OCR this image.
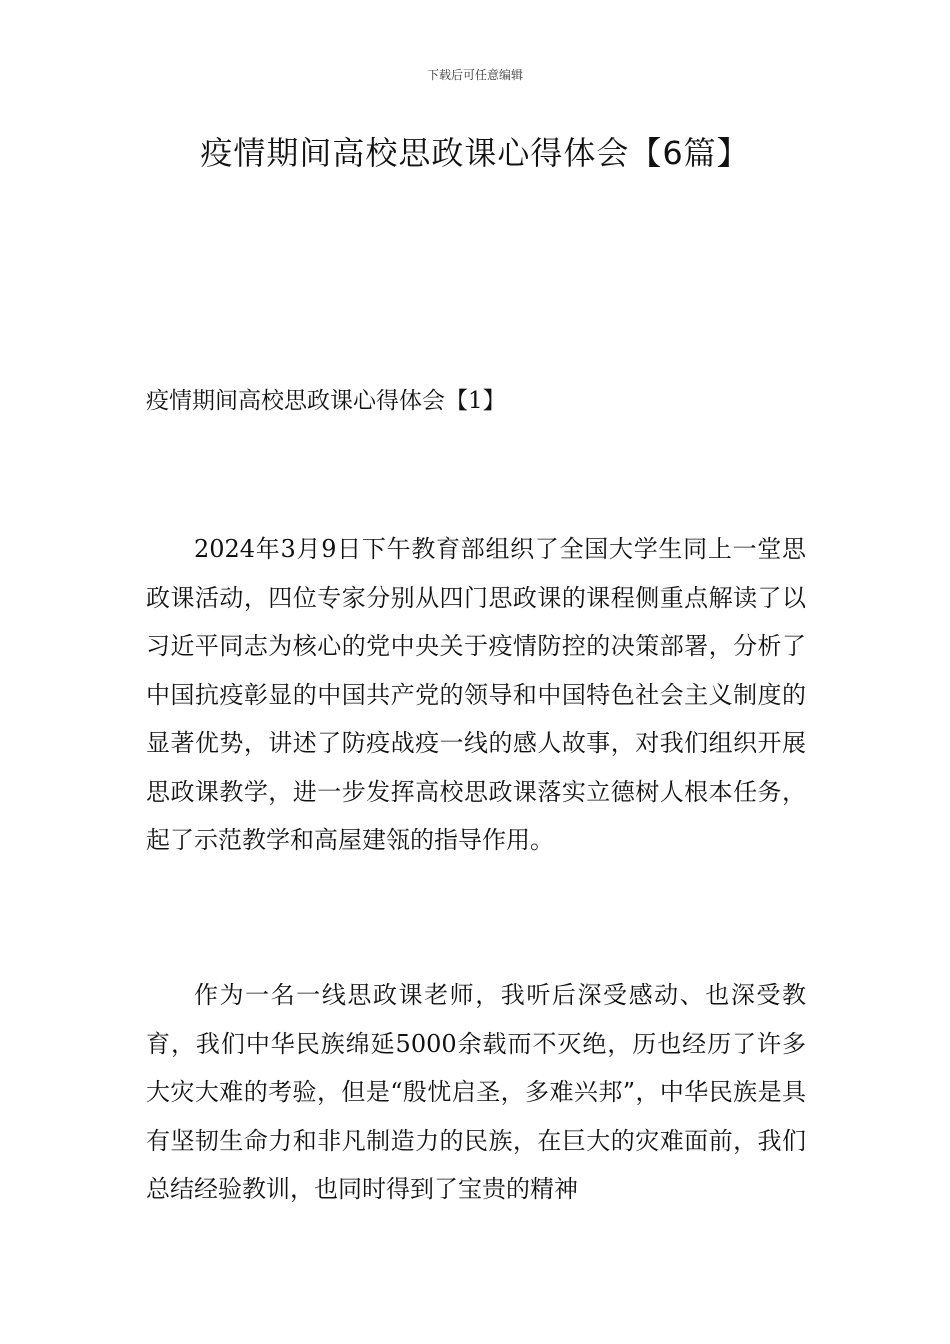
下载后可任意编辑
疫情期间高校思政课心得体会【6篇】
疫情期间高校思政课心得体会【1】

2024年3月9日下午教育部组织了全国大学生同上一堂思政课活动，四位专家分别从四门思政课的课程侧重点解读了以习近平同志为核心的党中央关于疫情防控的决策部署，分析了中国抗疫彰显的中国共产党的领导和中国特色社会主义制度的显著优势，讲述了防疫战疫一线的感人故事，对我们组织开展思政课教学，进一步发挥高校思政课落实立德树人根本任务，起了示范教学和高屋建瓴的指导作用。

作为一名一线思政课老师，我听后深受感动、也深受教育，我们中华民族绵延5000余载而不灭绝，历也经历了许多大灾大难的考验，但是“殷忧启圣，多难兴邦”，中华民族是具有坚韧生命力和非凡制造力的民族，在巨大的灾难面前，我们总结经验教训，也同时得到了宝贵的精神
